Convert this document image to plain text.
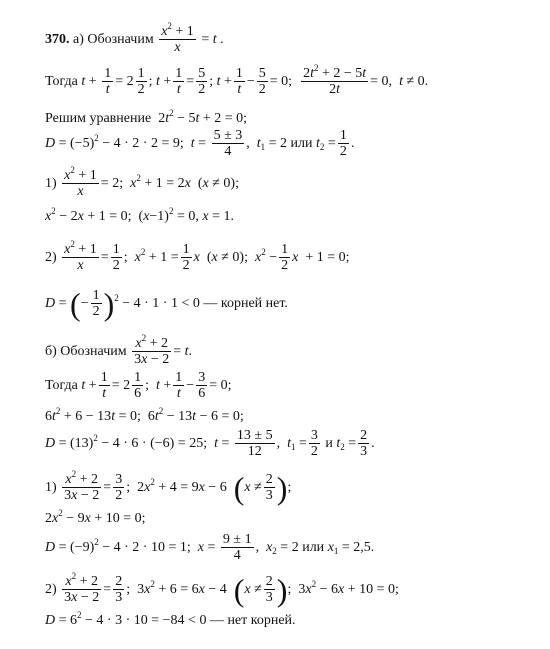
370. а) Обозначим $\frac{x^2 + 1}{x} = t$ .
Тогда $t + \frac{1}{t} = 2 \frac{1}{2}$ ; $t + \frac{1}{t} = \frac{5}{2}$ ; $t + \frac{1}{t} - \frac{5}{2} = 0$; $\frac{2t^2 + 2 - 5t}{2t} = 0$,  t ≠ 0.
Решим уравнение  $2t^2 - 5t + 2 = 0$;
$D = (-5)^2 - 4 \cdot 2 \cdot 2 = 9$;  $t = \frac{5 \pm 3}{4}$ ,  $t_1 = 2$ или $t_2 = \frac{1}{2}$ .
$1) \frac{x^2 + 1}{x} = 2$;  $x^2 + 1 = 2x$  (x ≠ 0);
$x^2 - 2x + 1 = 0$;  $(x-1)^2 = 0$, x = 1.
$2) \frac{x^2 + 1}{x} = \frac{1}{2}$ ;  $x^2 + 1 = \frac{1}{2}$ x  (x ≠ 0);  $x^2 - \frac{1}{2}$ x  + 1 = 0;
D = (− $\frac{1}{2} )^2 - 4 \cdot 1 \cdot 1 < 0$ — корней нет.
б) Обозначим $\frac{x^2 + 2}{3x - 2} = t$.
Тогда $t + \frac{1}{t} = 2 \frac{1}{6}$ ;  $t + \frac{1}{t} - \frac{3}{6} = 0$;
$6t^2 + 6 - 13t = 0$;  $6t^2 - 13t - 6 = 0$;
$D = (13)^2 - 4 \cdot 6 \cdot (-6) = 25$;  $t = \frac{13 \pm 5}{12}$ ,  $t_1 = \frac{3}{2}$ и $t_2 = \frac{2}{3}$ .
$1) \frac{x^2 + 2}{3x - 2} = \frac{3}{2}$ ;  $2x^2 + 4 = 9x - 6$  ($x \ne \frac{2}{3}$ );
$2x^2 - 9x + 10 = 0$;
$D = (-9)^2 - 4 \cdot 2 \cdot 10 = 1$;  $x = \frac{9 \pm 1}{4}$ ,  $x_2 = 2$ или $x_1 = 2,5$.
$2) \frac{x^2 + 2}{3x - 2} = \frac{2}{3}$ ;  $3x^2 + 6 = 6x - 4$  ($x \ne \frac{2}{3}$ );  $3x^2 - 6x + 10 = 0$;
$D = 6^2 - 4 \cdot 3 \cdot 10 = -84 < 0$ — нет корней.
